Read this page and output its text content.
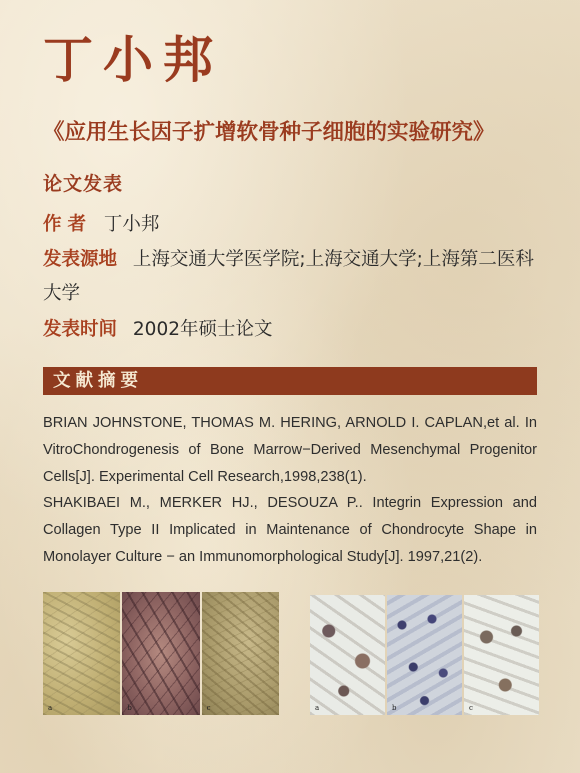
丁小邦
《应用生长因子扩增软骨种子细胞的实验研究》
论文发表
作者 丁小邦
发表源地 上海交通大学医学院;上海交通大学;上海第二医科大学
发表时间 2002年硕士论文
文献摘要

BRIAN JOHNSTONE, THOMAS M. HERING, ARNOLD I. CAPLAN,et al. In VitroChondrogenesis of Bone Marrow−Derived Mesenchymal Progenitor Cells[J]. Experimental Cell Research,1998,238(1).

SHAKIBAEI M., MERKER HJ., DESOUZA P.. Integrin Expression and Collagen Type II Implicated in Maintenance of Chondrocyte Shape in Monolayer Culture − an Immunomorphological Study[J]. 1997,21(2).

a	b	c	a	b	c
